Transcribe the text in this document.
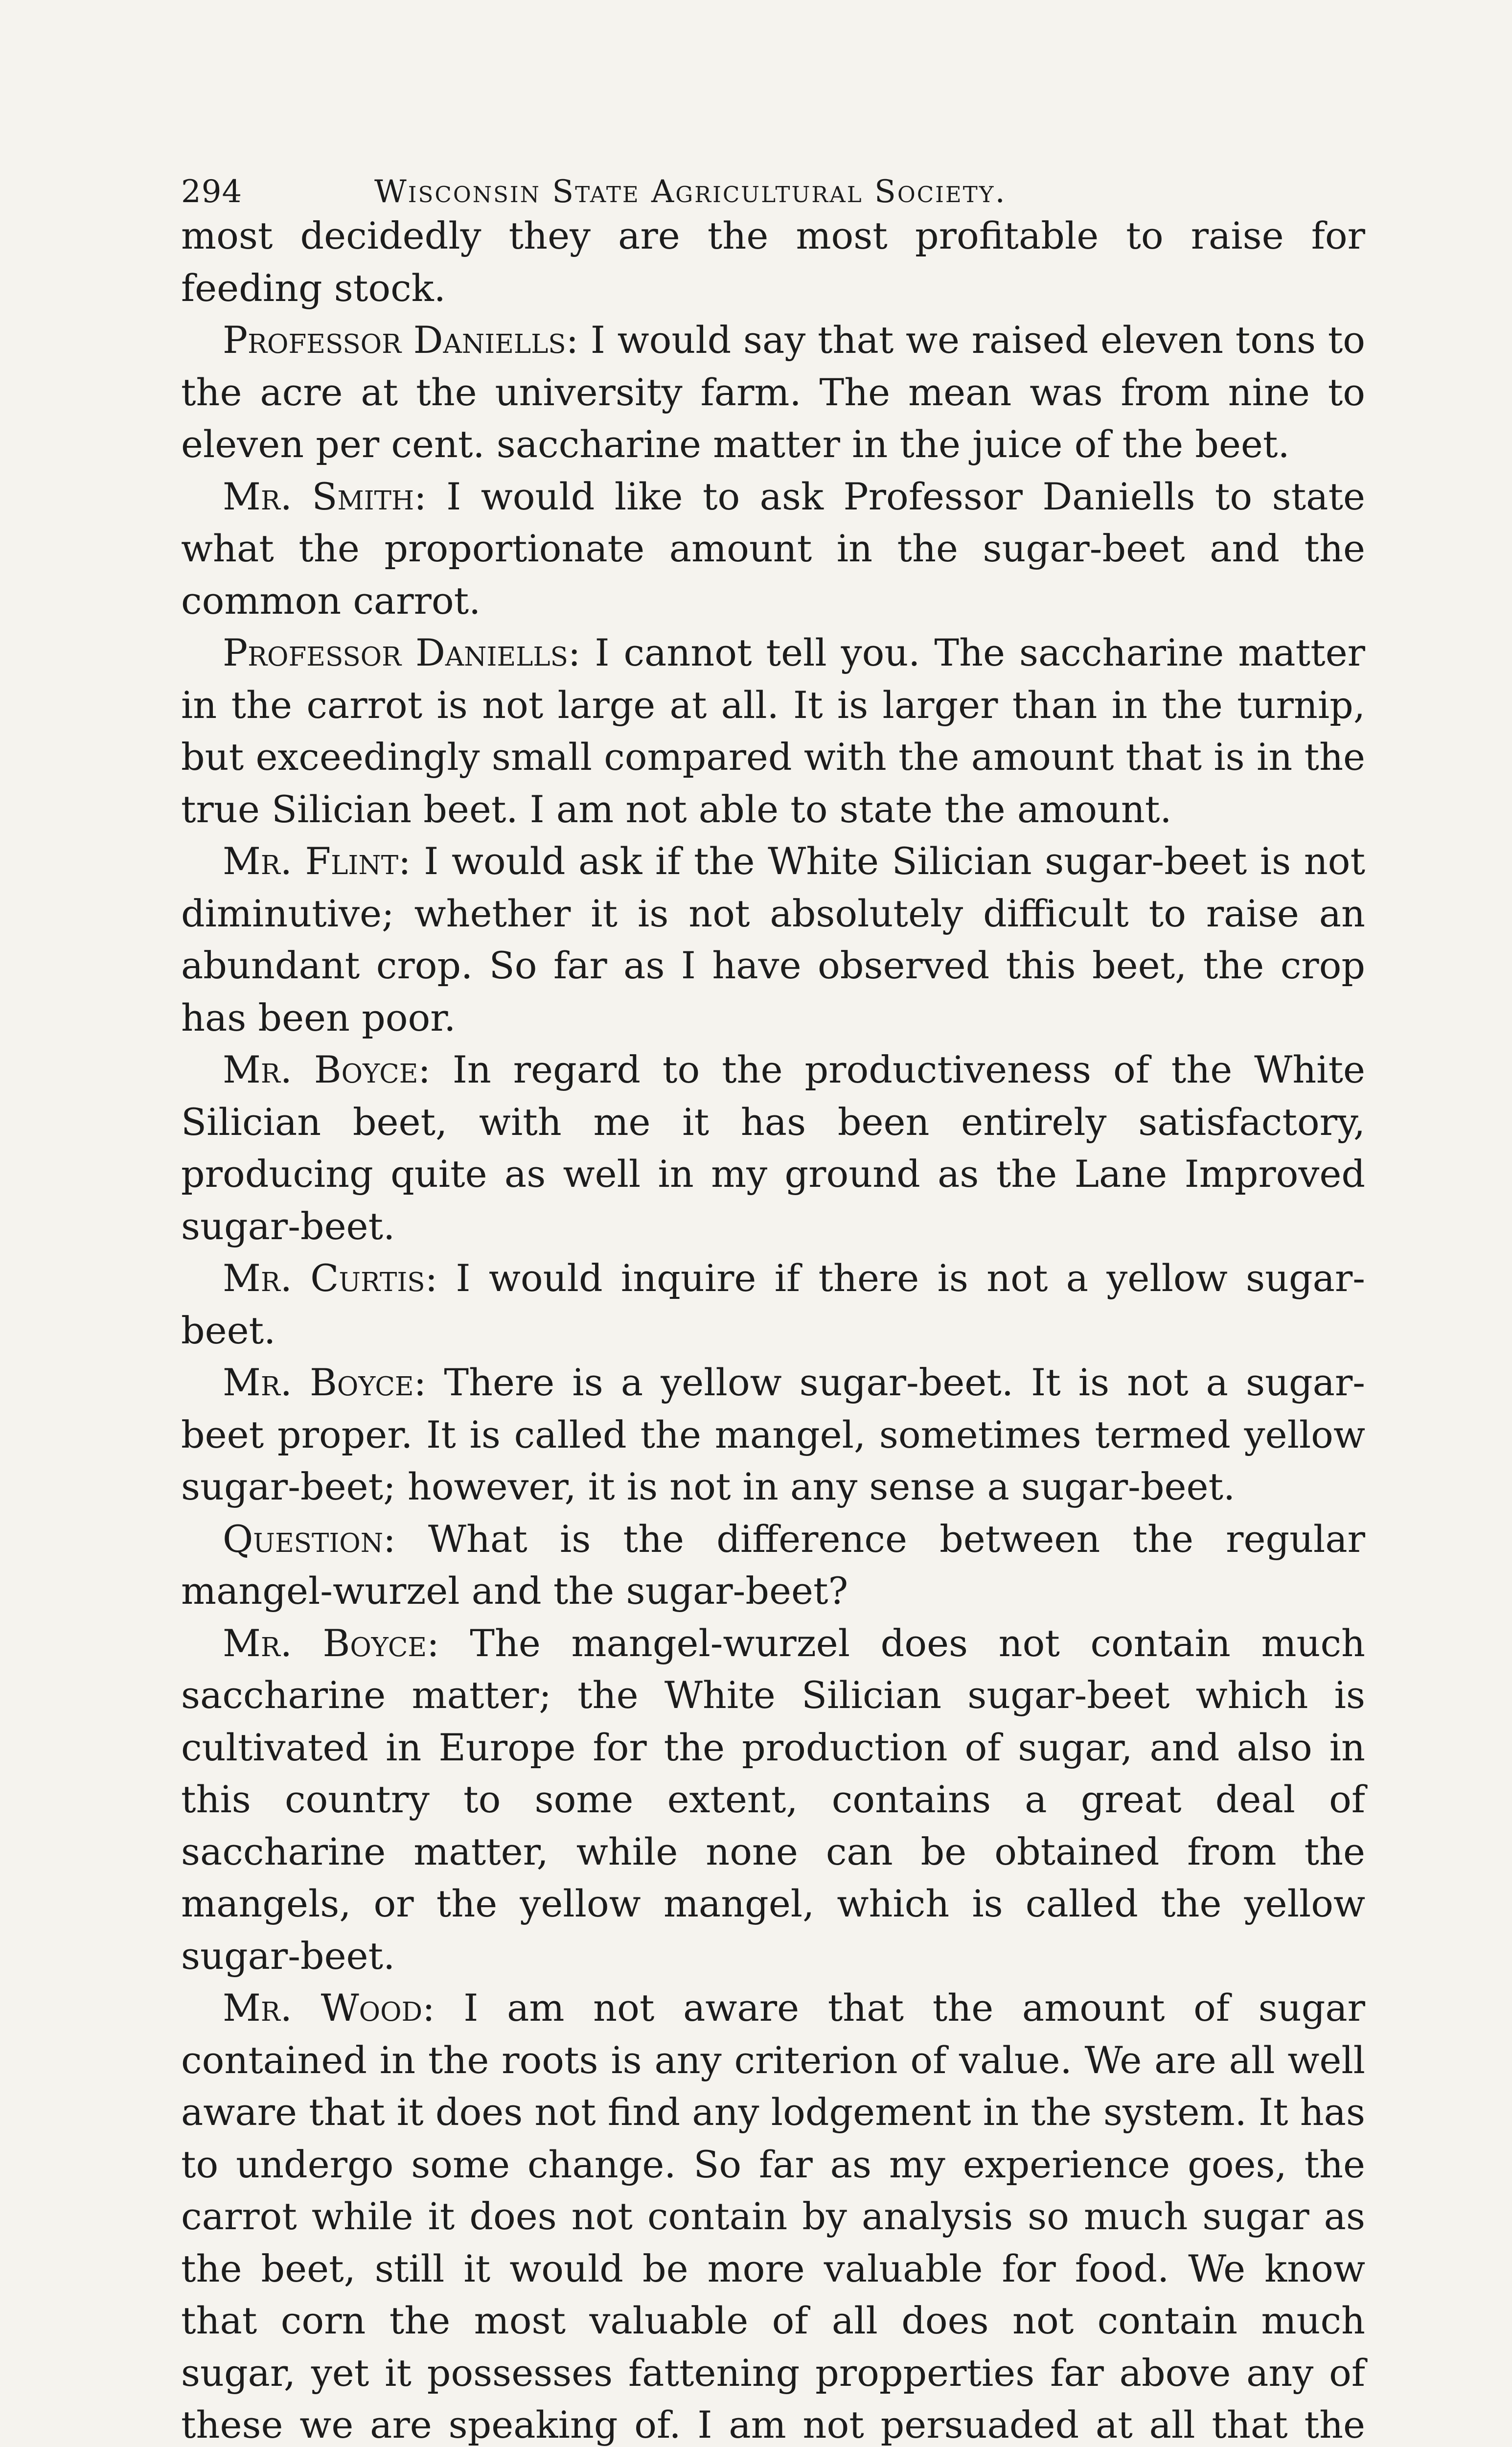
294	Wisconsin State Agricultural Society.

most decidedly they are the most profitable to raise for feeding stock.

Professor Daniells: I would say that we raised eleven tons to the acre at the university farm. The mean was from nine to eleven per cent. saccharine matter in the juice of the beet.

Mr. Smith: I would like to ask Professor Daniells to state what the proportionate amount in the sugar-beet and the common carrot.

Professor Daniells: I cannot tell you. The saccharine matter in the carrot is not large at all. It is larger than in the turnip, but exceedingly small compared with the amount that is in the true Silician beet. I am not able to state the amount.

Mr. Flint: I would ask if the White Silician sugar-beet is not diminutive; whether it is not absolutely difficult to raise an abundant crop. So far as I have observed this beet, the crop has been poor.

Mr. Boyce: In regard to the productiveness of the White Silician beet, with me it has been entirely satisfactory, producing quite as well in my ground as the Lane Improved sugar-beet.

Mr. Curtis: I would inquire if there is not a yellow sugar-beet.

Mr. Boyce: There is a yellow sugar-beet. It is not a sugar-beet proper. It is called the mangel, sometimes termed yellow sugar-beet; however, it is not in any sense a sugar-beet.

Question: What is the difference between the regular mangel-wurzel and the sugar-beet?

Mr. Boyce: The mangel-wurzel does not contain much saccharine matter; the White Silician sugar-beet which is cultivated in Europe for the production of sugar, and also in this country to some extent, contains a great deal of saccharine matter, while none can be obtained from the mangels, or the yellow mangel, which is called the yellow sugar-beet.

Mr. Wood: I am not aware that the amount of sugar contained in the roots is any criterion of value. We are all well aware that it does not find any lodgement in the system. It has to undergo some change. So far as my experience goes, the carrot while it does not contain by analysis so much sugar as the beet, still it would be more valuable for food. We know that corn the most valuable of all does not contain much sugar, yet it possesses fattening propperties far above any of these we are speaking of. I am not persuaded at all that the
